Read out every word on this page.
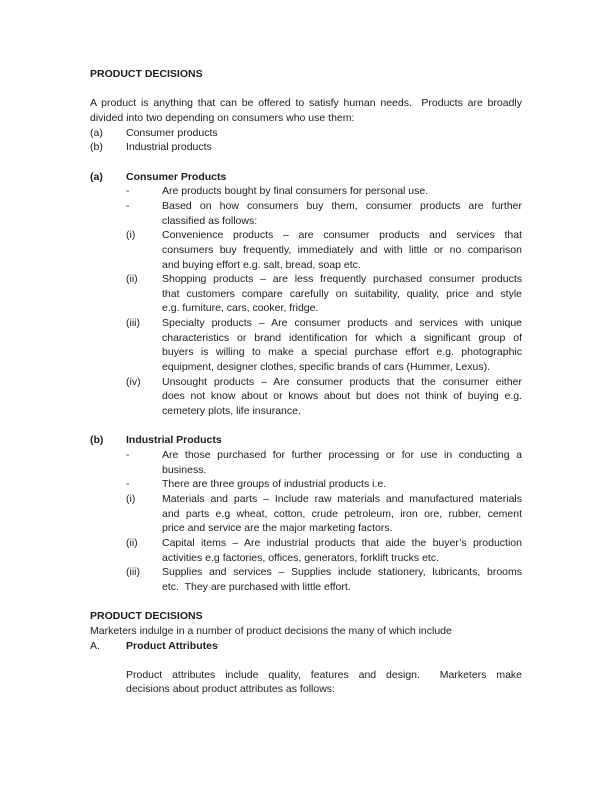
PRODUCT DECISIONS
A product is anything that can be offered to satisfy human needs.  Products are broadly
divided into two depending on consumers who use them:
(a) Consumer products
(b) Industrial products
(a) Consumer Products
-	Are products bought by final consumers for personal use.
-	Based on how consumers buy them, consumer products are further
classified as follows:
(i)	Convenience products – are consumer products and services that
consumers buy frequently, immediately and with little or no comparison
and buying effort e.g. salt, bread, soap etc.
(ii) Shopping products – are less frequently purchased consumer products
that customers compare carefully on suitability, quality, price and style
e.g. furniture, cars, cooker, fridge.
(iii) Specialty products – Are consumer products and services with unique
characteristics or brand identification for which a significant group of
buyers is willing to make a special purchase effort e.g. photographic
equipment, designer clothes, specific brands of cars (Hummer, Lexus).
(iv) Unsought products – Are consumer products that the consumer either
does not know about or knows about but does not think of buying e.g.
cemetery plots, life insurance.
(b) Industrial Products
-	Are those purchased for further processing or for use in conducting a
business.
-	There are three groups of industrial products i.e.
(i)	Materials and parts – Include raw materials and manufactured materials
and parts e.g wheat, cotton, crude petroleum, iron ore, rubber, cement
price and service are the major marketing factors.
(ii) Capital items – Are industrial products that aide the buyer’s production
activities e.g factories, offices, generators, forklift trucks etc.
(iii) Supplies and services – Supplies include stationery, lubricants, brooms
etc.  They are purchased with little effort.
PRODUCT DECISIONS
Marketers indulge in a number of product decisions the many of which include
A. Product Attributes
Product attributes include quality, features and design.  Marketers make
decisions about product attributes as follows:
